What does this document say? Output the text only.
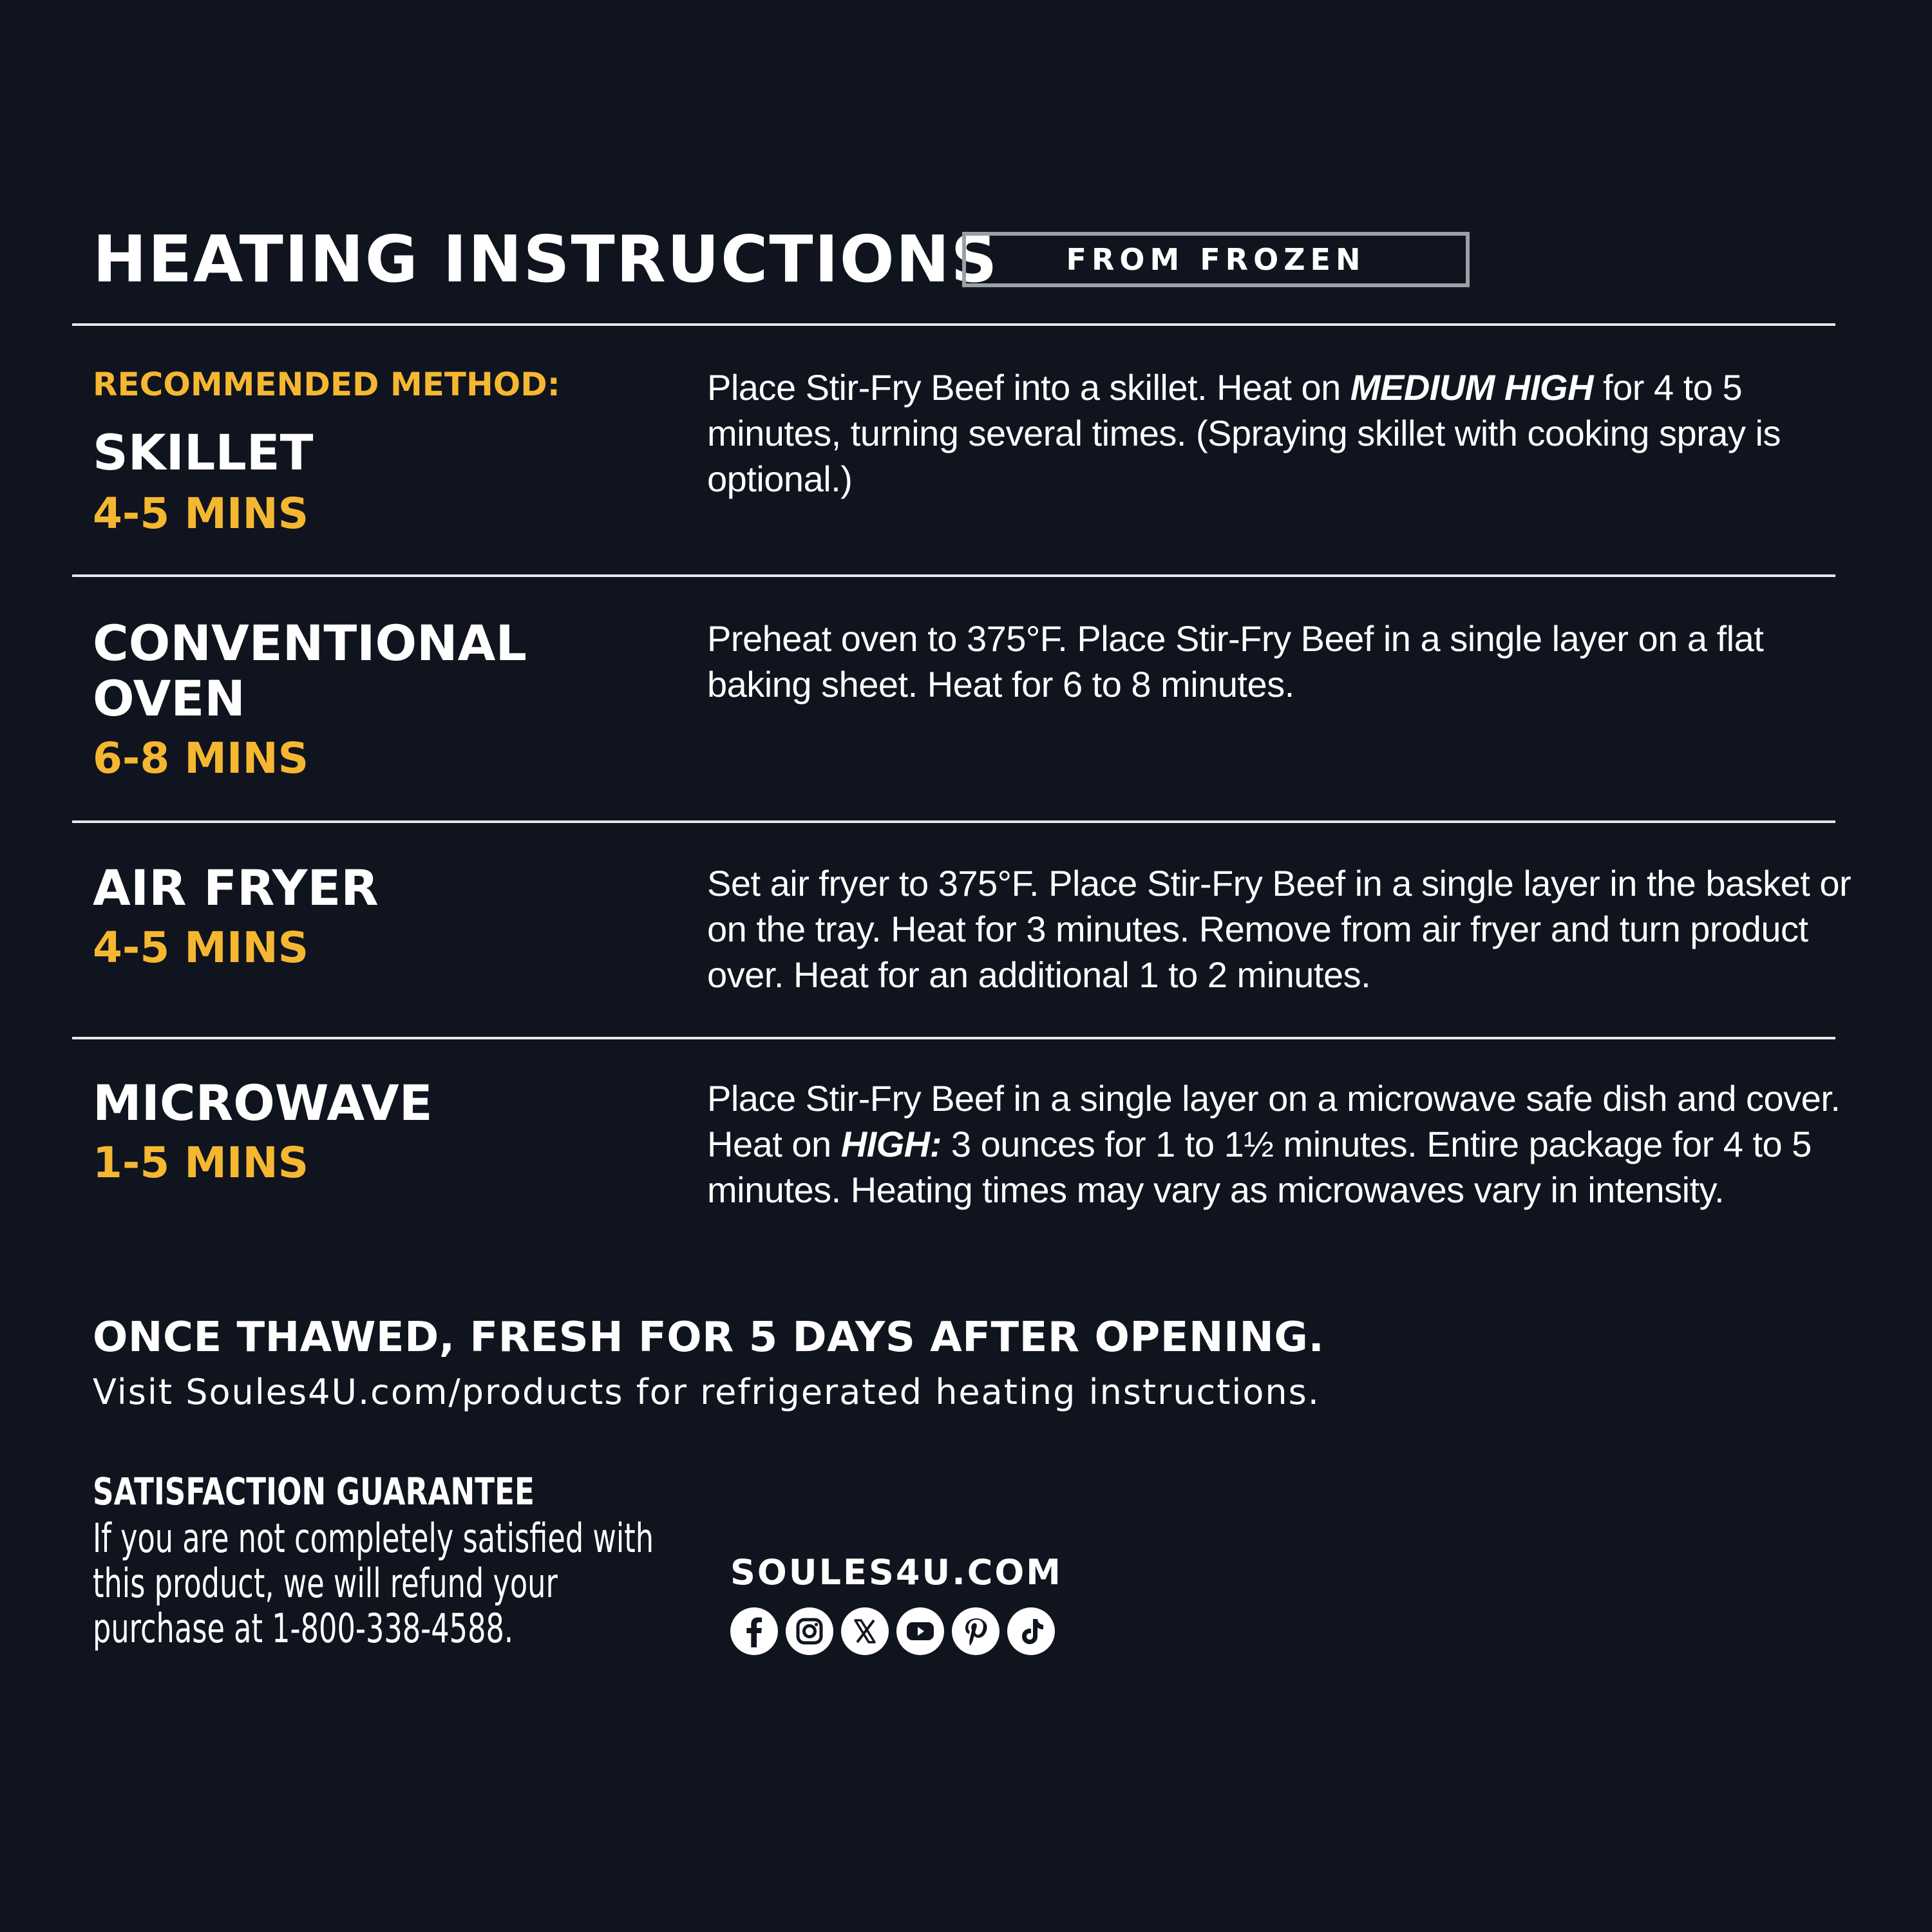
HEATING INSTRUCTIONS FROM FROZEN
RECOMMENDED METHOD:
SKILLET
4-5 MINS
Place Stir-Fry Beef into a skillet. Heat on MEDIUM HIGH for 4 to 5 minutes, turning several times. (Spraying skillet with cooking spray is optional.)
CONVENTIONAL
OVEN
6-8 MINS
Preheat oven to 375°F. Place Stir-Fry Beef in a single layer on a flat baking sheet. Heat for 6 to 8 minutes.
AIR FRYER
4-5 MINS
Set air fryer to 375°F. Place Stir-Fry Beef in a single layer in the basket or on the tray. Heat for 3 minutes. Remove from air fryer and turn product over. Heat for an additional 1 to 2 minutes.
MICROWAVE
1-5 MINS
Place Stir-Fry Beef in a single layer on a microwave safe dish and cover. Heat on HIGH: 3 ounces for 1 to 1½ minutes. Entire package for 4 to 5 minutes. Heating times may vary as microwaves vary in intensity.
ONCE THAWED, FRESH FOR 5 DAYS AFTER OPENING.
Visit Soules4U.com/products for refrigerated heating instructions.
SATISFACTION GUARANTEE
If you are not completely satisfied with this product, we will refund your purchase at 1-800-338-4588.
SOULES4U.COM
